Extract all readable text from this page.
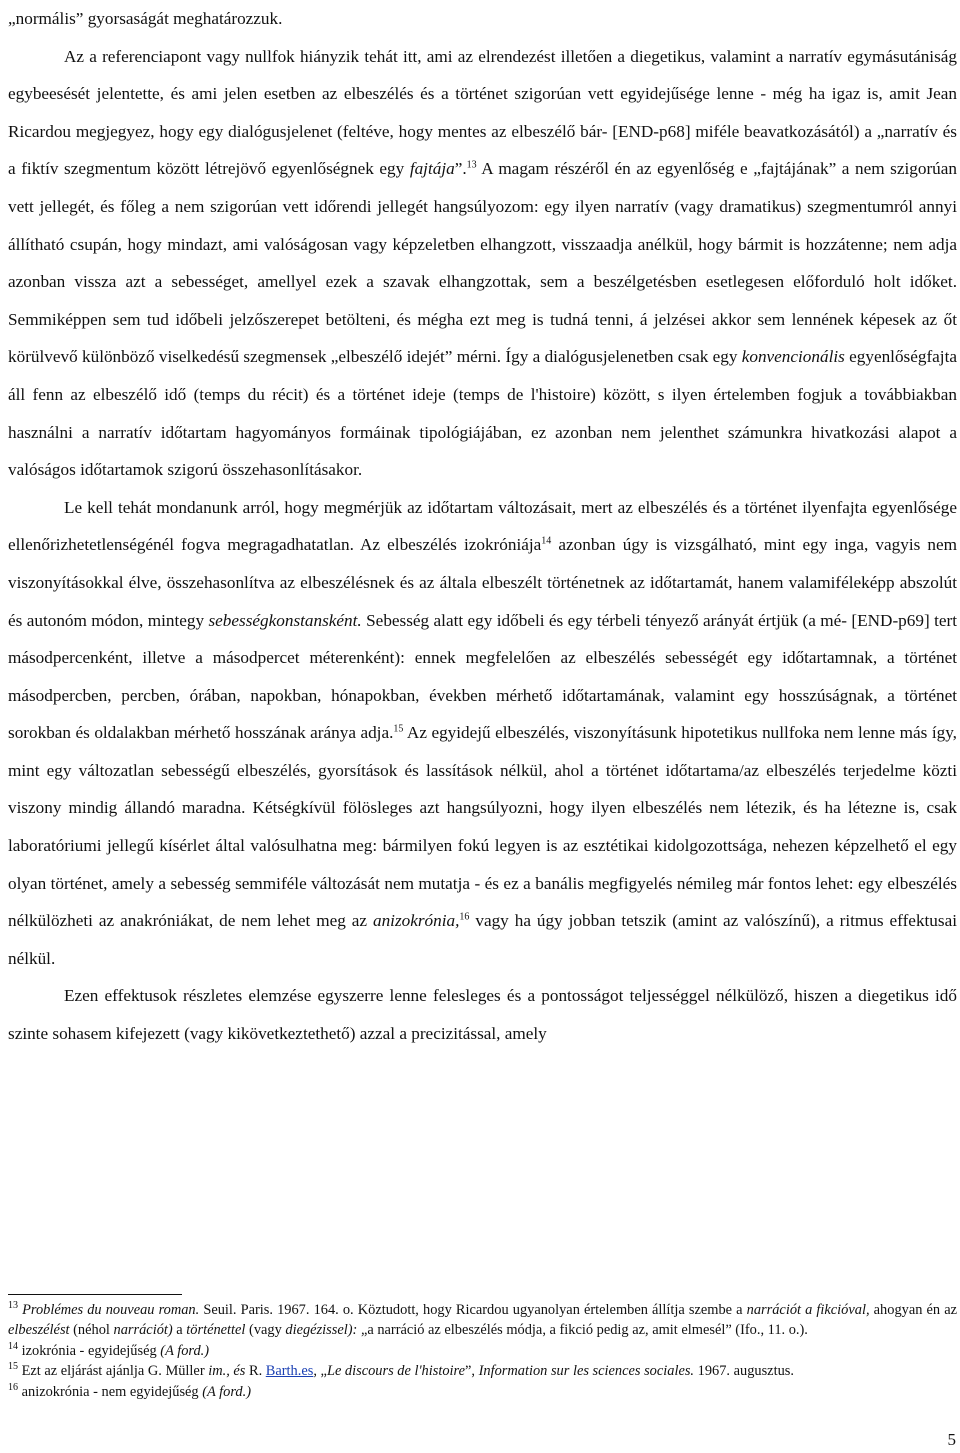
„normális” gyorsaságát meghatározzuk.

Az a referenciapont vagy nullfok hiányzik tehát itt, ami az elrendezést illetően a diegetikus, valamint a narratív egymásutániság egybeesését jelentette, és ami jelen esetben az elbeszélés és a történet szigorúan vett egyidejűsége lenne - még ha igaz is, amit Jean Ricardou megjegyez, hogy egy dialógusjelenet (feltéve, hogy mentes az elbeszélő bár- [END-p68] miféle beavatkozásától) a „narratív és a fiktív szegmentum között létrejövő egyenlőségnek egy fajtája”.$^{13}$ A magam részéről én az egyenlőség e „fajtájának” a nem szigorúan vett jellegét, és főleg a nem szigorúan vett időrendi jellegét hangsúlyozom: egy ilyen narratív (vagy dramatikus) szegmentumról annyi állítható csupán, hogy mindazt, ami valóságosan vagy képzeletben elhangzott, visszaadja anélkül, hogy bármit is hozzátenne; nem adja azonban vissza azt a sebességet, amellyel ezek a szavak elhangzottak, sem a beszélgetésben esetlegesen előforduló holt időket. Semmiképpen sem tud időbeli jelzőszerepet betölteni, és mégha ezt meg is tudná tenni, á jelzései akkor sem lennének képesek az őt körülvevő különböző viselkedésű szegmensek „elbeszélő idejét” mérni. Így a dialógusjelenetben csak egy konvencionális egyenlőségfajta áll fenn az elbeszélő idő (temps du récit) és a történet ideje (temps de l'histoire) között, s ilyen értelemben fogjuk a továbbiakban használni a narratív időtartam hagyományos formáinak tipológiájában, ez azonban nem jelenthet számunkra hivatkozási alapot a valóságos időtartamok szigorú összehasonlításakor.

Le kell tehát mondanunk arról, hogy megmérjük az időtartam változásait, mert az elbeszélés és a történet ilyenfajta egyenlősége ellenőrizhetetlenségénél fogva megragadhatatlan. Az elbeszélés izokróniája$^{14}$ azonban úgy is vizsgálható, mint egy inga, vagyis nem viszonyításokkal élve, összehasonlítva az elbeszélésnek és az általa elbeszélt történetnek az időtartamát, hanem valamiféleképp abszolút és autonóm módon, mintegy sebességkonstansként. Sebesség alatt egy időbeli és egy térbeli tényező arányát értjük (a mé- [END-p69] tert másodpercenként, illetve a másodpercet méterenként): ennek megfelelően az elbeszélés sebességét egy időtartamnak, a történet másodpercben, percben, órában, napokban, hónapokban, években mérhető időtartamának, valamint egy hosszúságnak, a történet sorokban és oldalakban mérhető hosszának aránya adja.$^{15}$ Az egyidejű elbeszélés, viszonyításunk hipotetikus nullfoka nem lenne más így, mint egy változatlan sebességű elbeszélés, gyorsítások és lassítások nélkül, ahol a történet időtartama/az elbeszélés terjedelme közti viszony mindig állandó maradna. Kétségkívül fölösleges azt hangsúlyozni, hogy ilyen elbeszélés nem létezik, és ha létezne is, csak laboratóriumi jellegű kísérlet által valósulhatna meg: bármilyen fokú legyen is az esztétikai kidolgozottsága, nehezen képzelhető el egy olyan történet, amely a sebesség semmiféle változását nem mutatja - és ez a banális megfigyelés némileg már fontos lehet: egy elbeszélés nélkülözheti az anakróniákat, de nem lehet meg az anizokrónia,$^{16}$ vagy ha úgy jobban tetszik (amint az valószínű), a ritmus effektusai nélkül.

Ezen effektusok részletes elemzése egyszerre lenne felesleges és a pontosságot teljességgel nélkülöző, hiszen a diegetikus idő szinte sohasem kifejezett (vagy kikövetkeztethető) azzal a precizitással, amely

$^{13}$ Problémes du nouveau roman. Seuil. Paris. 1967. 164. o. Köztudott, hogy Ricardou ugyanolyan értelemben állítja szembe a narrációt a fikcióval, ahogyan én az elbeszélést (néhol narrációt) a történettel (vagy diegézissel): „a narráció az elbeszélés módja, a fikció pedig az, amit elmesél” (Ifo., 11. o.).

$^{14}$ izokrónia - egyidejűség (A ford.)

$^{15}$ Ezt az eljárást ajánlja G. Müller im., és R. Barth.es, „Le discours de l'histoire”, Information sur les sciences sociales. 1967. augusztus.

$^{16}$ anizokrónia - nem egyidejűség (A ford.)

5
